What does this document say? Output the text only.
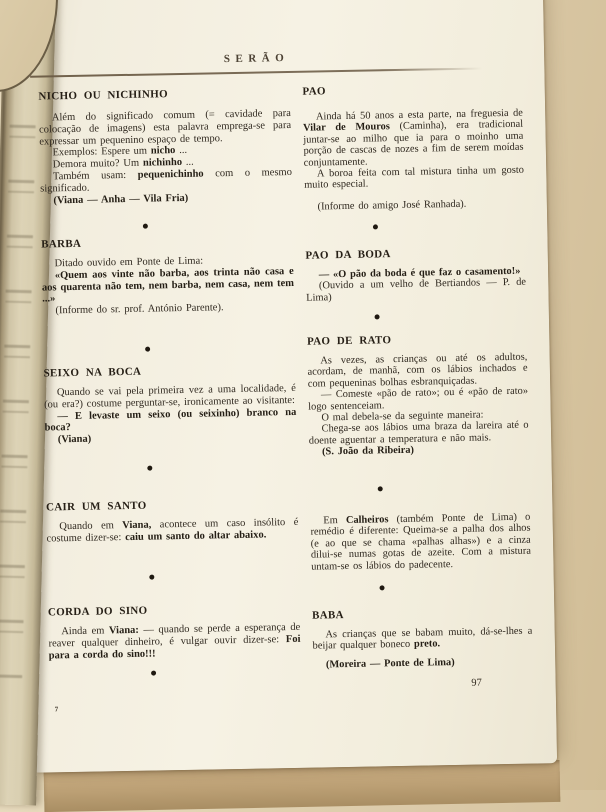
SERÃO
NICHO OU NICHINHO

Além do significado comum (= cavidade para colocação de imagens) esta palavra emprega-se para expressar um pequenino espaço de tempo.

Exemplos: Espere um nicho ...

Demora muito? Um nichinho ...

Também usam: pequenichinho com o mesmo significado.

(Viana — Anha — Vila Fria)

BARBA

Ditado ouvido em Ponte de Lima:

«Quem aos vinte não barba, aos trinta não casa e aos quarenta não tem, nem barba, nem casa, nem tem ...»

(Informe do sr. prof. António Parente).

SEIXO NA BOCA

Quando se vai pela primeira vez a uma localidade, é (ou era?) costume perguntar-se, ironicamente ao visitante:

— E levaste um seixo (ou seixinho) branco na boca?

(Viana)

CAIR UM SANTO

Quando em Viana, acontece um caso insólito é costume dizer-se: caiu um santo do altar abaixo.

CORDA DO SINO

Ainda em Viana: — quando se perde a esperança de reaver qualquer dinheiro, é vulgar ouvir dizer-se: Foi para a corda do sino!!!

PAO

Ainda há 50 anos a esta parte, na freguesia de Vilar de Mouros (Caminha), era tradicional juntar-se ao milho que ia para o moinho uma porção de cascas de nozes a fim de serem moídas conjuntamente.

A boroa feita com tal mistura tinha um gosto muito especial.

(Informe do amigo José Ranhada).

PAO DA BODA

— «O pão da boda é que faz o casamento!»

(Ouvido a um velho de Bertiandos — P. de Lima)

PAO DE RATO

As vezes, as crianças ou até os adultos, acordam, de manhã, com os lábios inchados e com pequeninas bolhas esbranquiçadas.

— Comeste «pão de rato»; ou é «pão de rato» logo sentenceiam.

O mal debela-se da seguinte maneira:

Chega-se aos lábios uma braza da lareira até o doente aguentar a temperatura e não mais.

(S. João da Ribeira)

Em Calheiros (também Ponte de Lima) o remédio é diferente: Queima-se a palha dos alhos (e ao que se chama «palhas alhas») e a cinza dilui-se numas gotas de azeite. Com a mistura untam-se os lábios do padecente.

BABA

As crianças que se babam muito, dá-se-lhes a beijar qualquer boneco preto.

(Moreira — Ponte de Lima)

97
7
